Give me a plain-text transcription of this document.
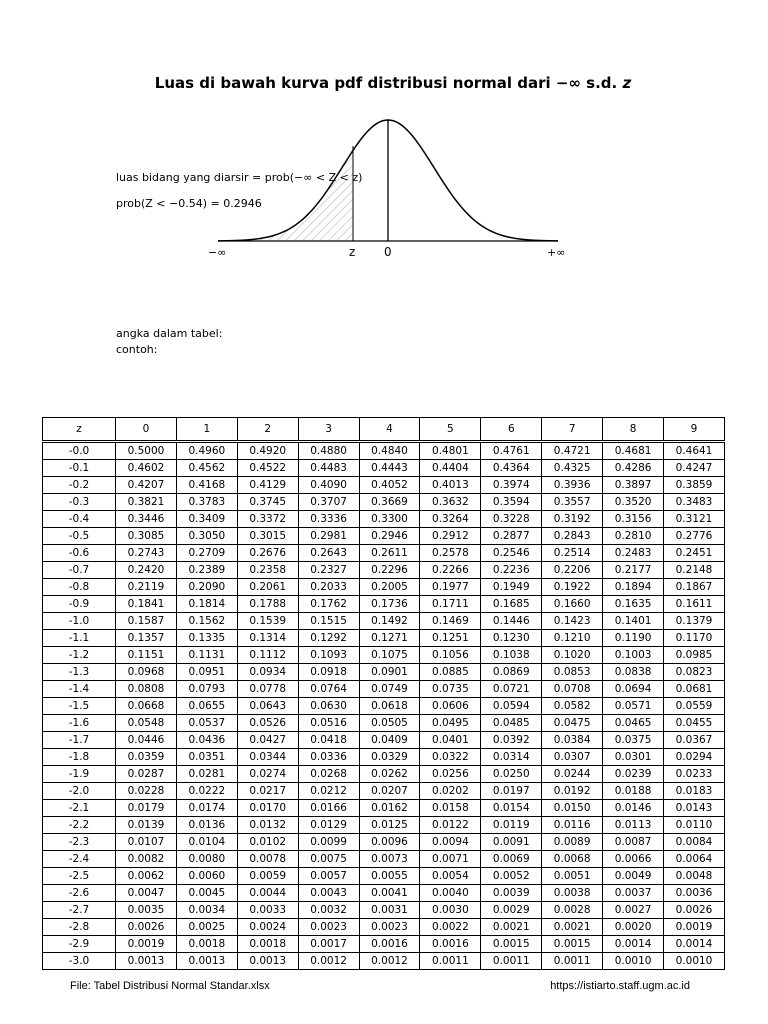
Luas di bawah kurva pdf distribusi normal dari −∞ s.d. z
−∞	z 0	+∞
luas bidang yang diarsir = prob(−∞ < Z < z)
prob(Z < −0.54) = 0.2946
angka dalam tabel:
contoh:
z	0	1	2	3	4	5	6	7	8	9
-0.0	0.5000	0.4960	0.4920	0.4880	0.4840	0.4801	0.4761	0.4721	0.4681	0.4641
-0.1	0.4602	0.4562	0.4522	0.4483	0.4443	0.4404	0.4364	0.4325	0.4286	0.4247
-0.2	0.4207	0.4168	0.4129	0.4090	0.4052	0.4013	0.3974	0.3936	0.3897	0.3859
-0.3	0.3821	0.3783	0.3745	0.3707	0.3669	0.3632	0.3594	0.3557	0.3520	0.3483
-0.4	0.3446	0.3409	0.3372	0.3336	0.3300	0.3264	0.3228	0.3192	0.3156	0.3121
-0.5	0.3085	0.3050	0.3015	0.2981	0.2946	0.2912	0.2877	0.2843	0.2810	0.2776
-0.6	0.2743	0.2709	0.2676	0.2643	0.2611	0.2578	0.2546	0.2514	0.2483	0.2451
-0.7	0.2420	0.2389	0.2358	0.2327	0.2296	0.2266	0.2236	0.2206	0.2177	0.2148
-0.8	0.2119	0.2090	0.2061	0.2033	0.2005	0.1977	0.1949	0.1922	0.1894	0.1867
-0.9	0.1841	0.1814	0.1788	0.1762	0.1736	0.1711	0.1685	0.1660	0.1635	0.1611
-1.0	0.1587	0.1562	0.1539	0.1515	0.1492	0.1469	0.1446	0.1423	0.1401	0.1379
-1.1	0.1357	0.1335	0.1314	0.1292	0.1271	0.1251	0.1230	0.1210	0.1190	0.1170
-1.2	0.1151	0.1131	0.1112	0.1093	0.1075	0.1056	0.1038	0.1020	0.1003	0.0985
-1.3	0.0968	0.0951	0.0934	0.0918	0.0901	0.0885	0.0869	0.0853	0.0838	0.0823
-1.4	0.0808	0.0793	0.0778	0.0764	0.0749	0.0735	0.0721	0.0708	0.0694	0.0681
-1.5	0.0668	0.0655	0.0643	0.0630	0.0618	0.0606	0.0594	0.0582	0.0571	0.0559
-1.6	0.0548	0.0537	0.0526	0.0516	0.0505	0.0495	0.0485	0.0475	0.0465	0.0455
-1.7	0.0446	0.0436	0.0427	0.0418	0.0409	0.0401	0.0392	0.0384	0.0375	0.0367
-1.8	0.0359	0.0351	0.0344	0.0336	0.0329	0.0322	0.0314	0.0307	0.0301	0.0294
-1.9	0.0287	0.0281	0.0274	0.0268	0.0262	0.0256	0.0250	0.0244	0.0239	0.0233
-2.0	0.0228	0.0222	0.0217	0.0212	0.0207	0.0202	0.0197	0.0192	0.0188	0.0183
-2.1	0.0179	0.0174	0.0170	0.0166	0.0162	0.0158	0.0154	0.0150	0.0146	0.0143
-2.2	0.0139	0.0136	0.0132	0.0129	0.0125	0.0122	0.0119	0.0116	0.0113	0.0110
-2.3	0.0107	0.0104	0.0102	0.0099	0.0096	0.0094	0.0091	0.0089	0.0087	0.0084
-2.4	0.0082	0.0080	0.0078	0.0075	0.0073	0.0071	0.0069	0.0068	0.0066	0.0064
-2.5	0.0062	0.0060	0.0059	0.0057	0.0055	0.0054	0.0052	0.0051	0.0049	0.0048
-2.6	0.0047	0.0045	0.0044	0.0043	0.0041	0.0040	0.0039	0.0038	0.0037	0.0036
-2.7	0.0035	0.0034	0.0033	0.0032	0.0031	0.0030	0.0029	0.0028	0.0027	0.0026
-2.8	0.0026	0.0025	0.0024	0.0023	0.0023	0.0022	0.0021	0.0021	0.0020	0.0019
-2.9	0.0019	0.0018	0.0018	0.0017	0.0016	0.0016	0.0015	0.0015	0.0014	0.0014
-3.0	0.0013	0.0013	0.0013	0.0012	0.0012	0.0011	0.0011	0.0011	0.0010	0.0010
File: Tabel Distribusi Normal Standar.xlsx	https://istiarto.staff.ugm.ac.id
